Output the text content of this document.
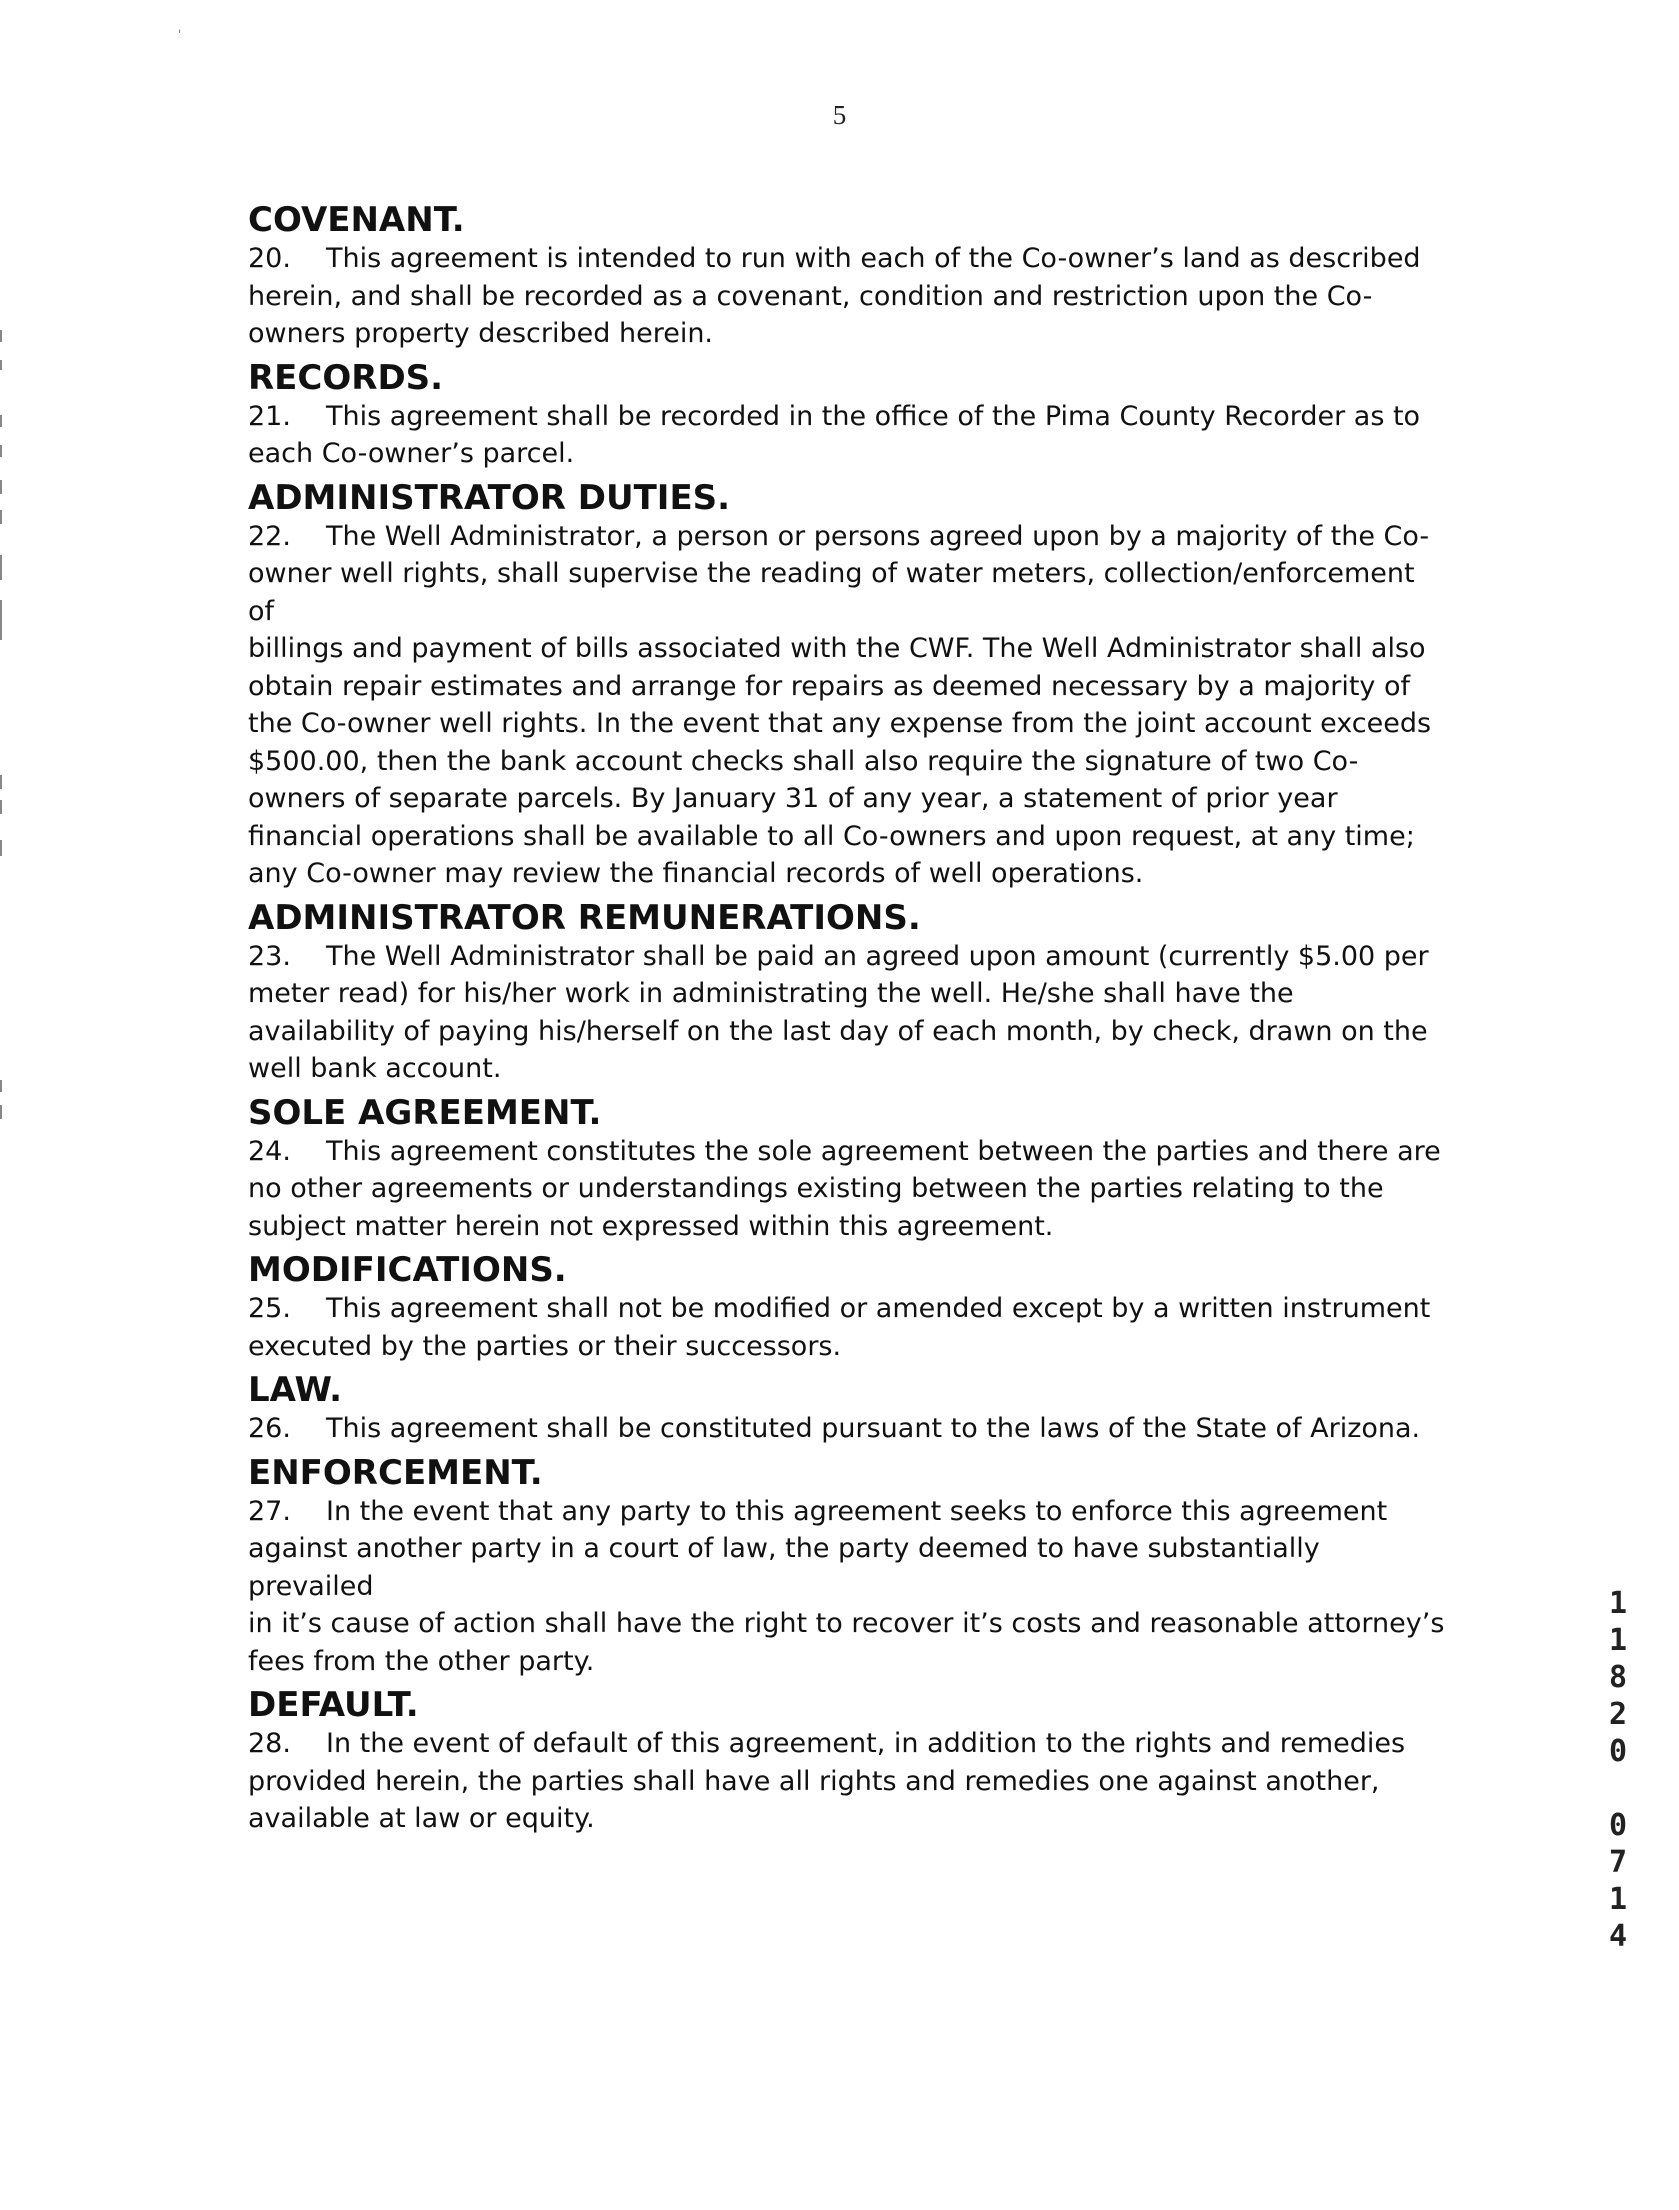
ˌ
5
COVENANT.
20. This agreement is intended to run with each of the Co-owner’s land as described
herein, and shall be recorded as a covenant, condition and restriction upon the Co-
owners property described herein.
RECORDS.
21. This agreement shall be recorded in the office of the Pima County Recorder as to
each Co-owner’s parcel.
ADMINISTRATOR DUTIES.
22. The Well Administrator, a person or persons agreed upon by a majority of the Co-
owner well rights, shall supervise the reading of water meters, collection/enforcement of
billings and payment of bills associated with the CWF. The Well Administrator shall also
obtain repair estimates and arrange for repairs as deemed necessary by a majority of
the Co-owner well rights. In the event that any expense from the joint account exceeds
$500.00, then the bank account checks shall also require the signature of two Co-
owners of separate parcels. By January 31 of any year, a statement of prior year
financial operations shall be available to all Co-owners and upon request, at any time;
any Co-owner may review the financial records of well operations.
ADMINISTRATOR REMUNERATIONS.
23. The Well Administrator shall be paid an agreed upon amount (currently $5.00 per
meter read) for his/her work in administrating the well. He/she shall have the
availability of paying his/herself on the last day of each month, by check, drawn on the
well bank account.
SOLE AGREEMENT.
24. This agreement constitutes the sole agreement between the parties and there are
no other agreements or understandings existing between the parties relating to the
subject matter herein not expressed within this agreement.
MODIFICATIONS.
25. This agreement shall not be modified or amended except by a written instrument
executed by the parties or their successors.
LAW.
26. This agreement shall be constituted pursuant to the laws of the State of Arizona.
ENFORCEMENT.
27. In the event that any party to this agreement seeks to enforce this agreement
against another party in a court of law, the party deemed to have substantially prevailed
in it’s cause of action shall have the right to recover it’s costs and reasonable attorney’s
fees from the other party.
DEFAULT.
28. In the event of default of this agreement, in addition to the rights and remedies
provided herein, the parties shall have all rights and remedies one against another,
available at law or equity.
1
1
8
2
0

0
7
1
4
